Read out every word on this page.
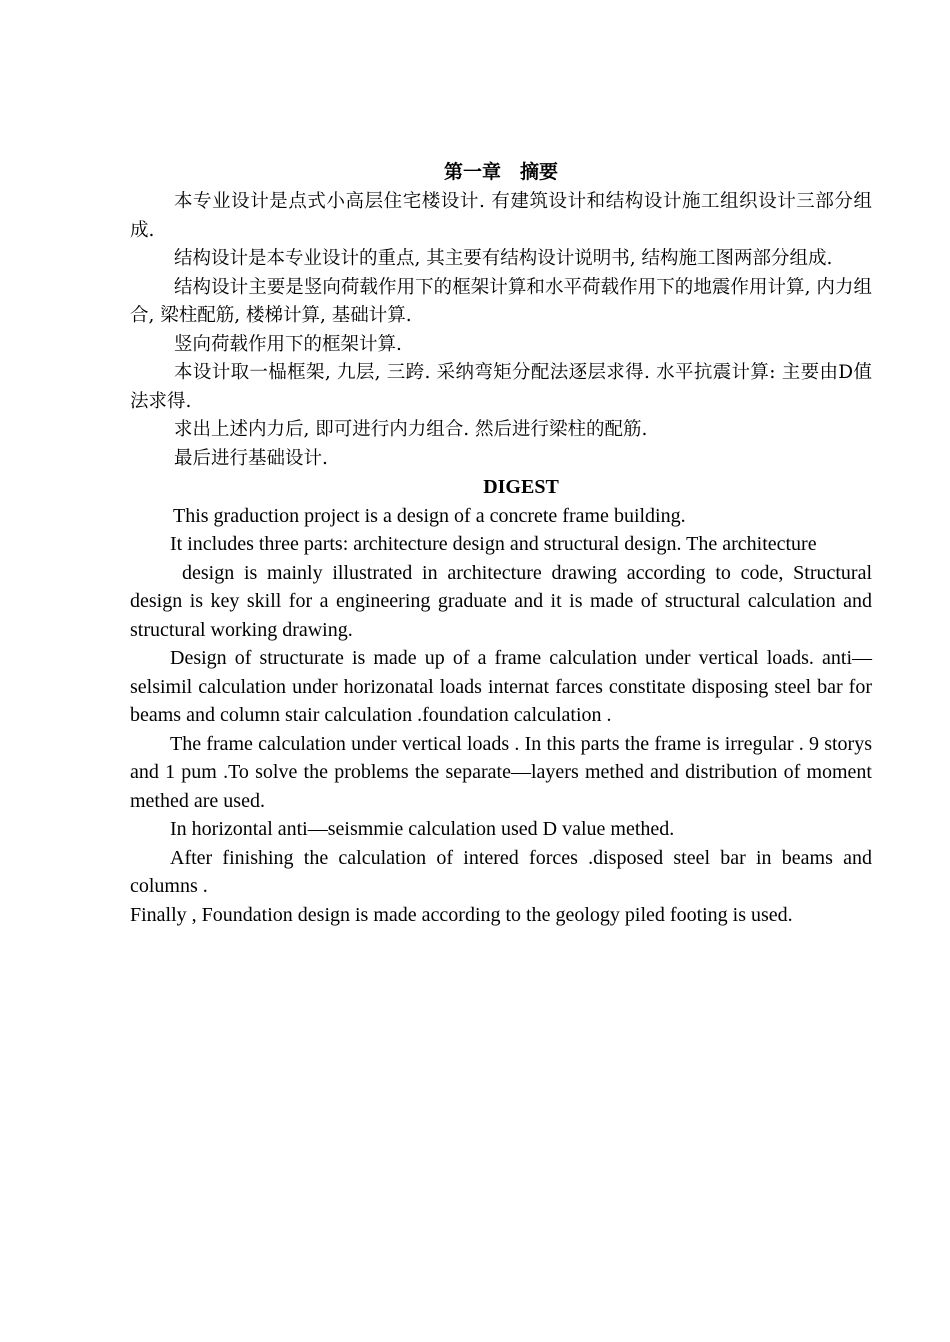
第一章　摘要

本专业设计是点式小高层住宅楼设计. 有建筑设计和结构设计施工组织设计三部分组成.

结构设计是本专业设计的重点, 其主要有结构设计说明书, 结构施工图两部分组成.

结构设计主要是竖向荷载作用下的框架计算和水平荷载作用下的地震作用计算, 内力组合, 梁柱配筋, 楼梯计算, 基础计算.

竖向荷载作用下的框架计算.

本设计取一榀框架, 九层, 三跨. 采纳弯矩分配法逐层求得. 水平抗震计算: 主要由D值法求得.

求出上述内力后, 即可进行内力组合. 然后进行梁柱的配筋.

最后进行基础设计.

DIGEST

This graduction project is a design of a concrete frame building.

It includes three parts: architecture design and structural design. The architecture

design is mainly illustrated in architecture drawing according to code, Structural design is key skill for a engineering graduate and it is made of structural calculation and structural working drawing.

Design of structurate is made up of a frame calculation under vertical loads. anti—selsimil calculation under horizonatal loads internat farces constitate disposing steel bar for beams and column stair calculation .foundation calculation .

The frame calculation under vertical loads . In this parts the frame is irregular . 9 storys and 1 pum .To solve the problems the separate—layers methed and distribution of moment methed are used.

In horizontal anti—seismmie calculation used D value methed.

After finishing the calculation of intered forces .disposed steel bar in beams and columns .

Finally , Foundation design is made according to the geology piled footing is used.
